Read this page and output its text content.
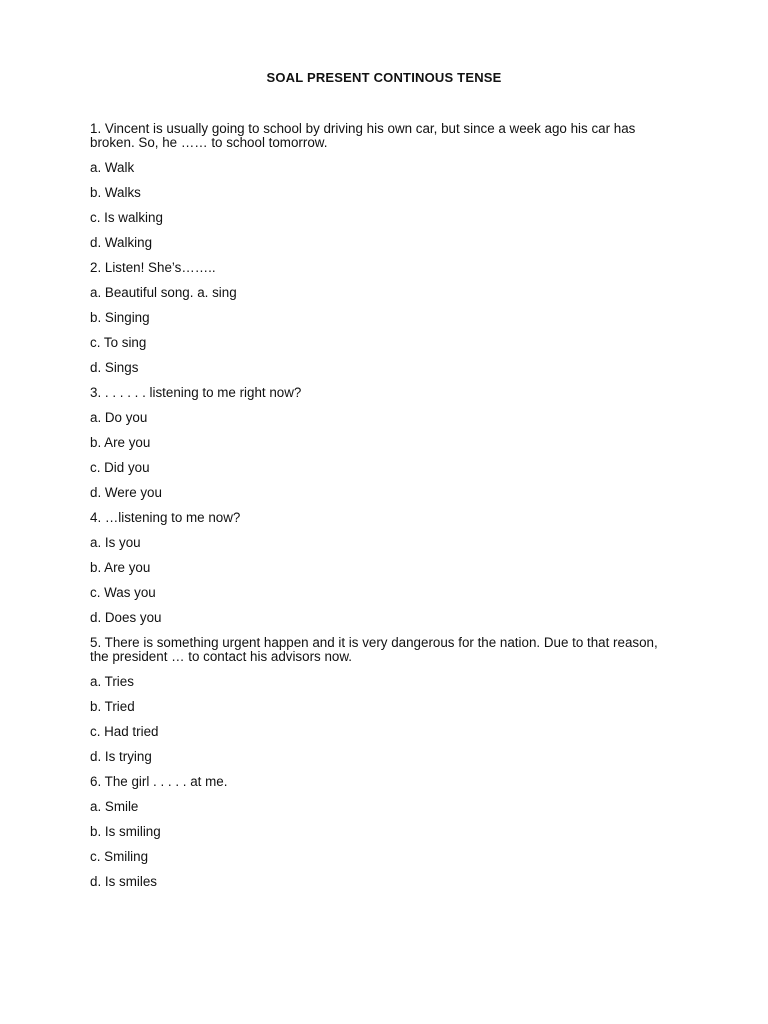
SOAL PRESENT CONTINOUS TENSE
1. Vincent is usually going to school by driving his own car, but since a week ago his car has broken. So, he …… to school tomorrow.
a. Walk
b. Walks
c. Is walking
d. Walking
2. Listen! She’s……..
a. Beautiful song. a. sing
b. Singing
c. To sing
d. Sings
3. . . . . . . listening to me right now?
a. Do you
b. Are you
c. Did you
d. Were you
4. …listening to me now?
a. Is you
b. Are you
c. Was you
d. Does you
5. There is something urgent happen and it is very dangerous for the nation. Due to that reason, the president … to contact his advisors now.
a. Tries
b. Tried
c. Had tried
d. Is trying
6. The girl . . . . . at me.
a. Smile
b. Is smiling
c. Smiling
d. Is smiles
